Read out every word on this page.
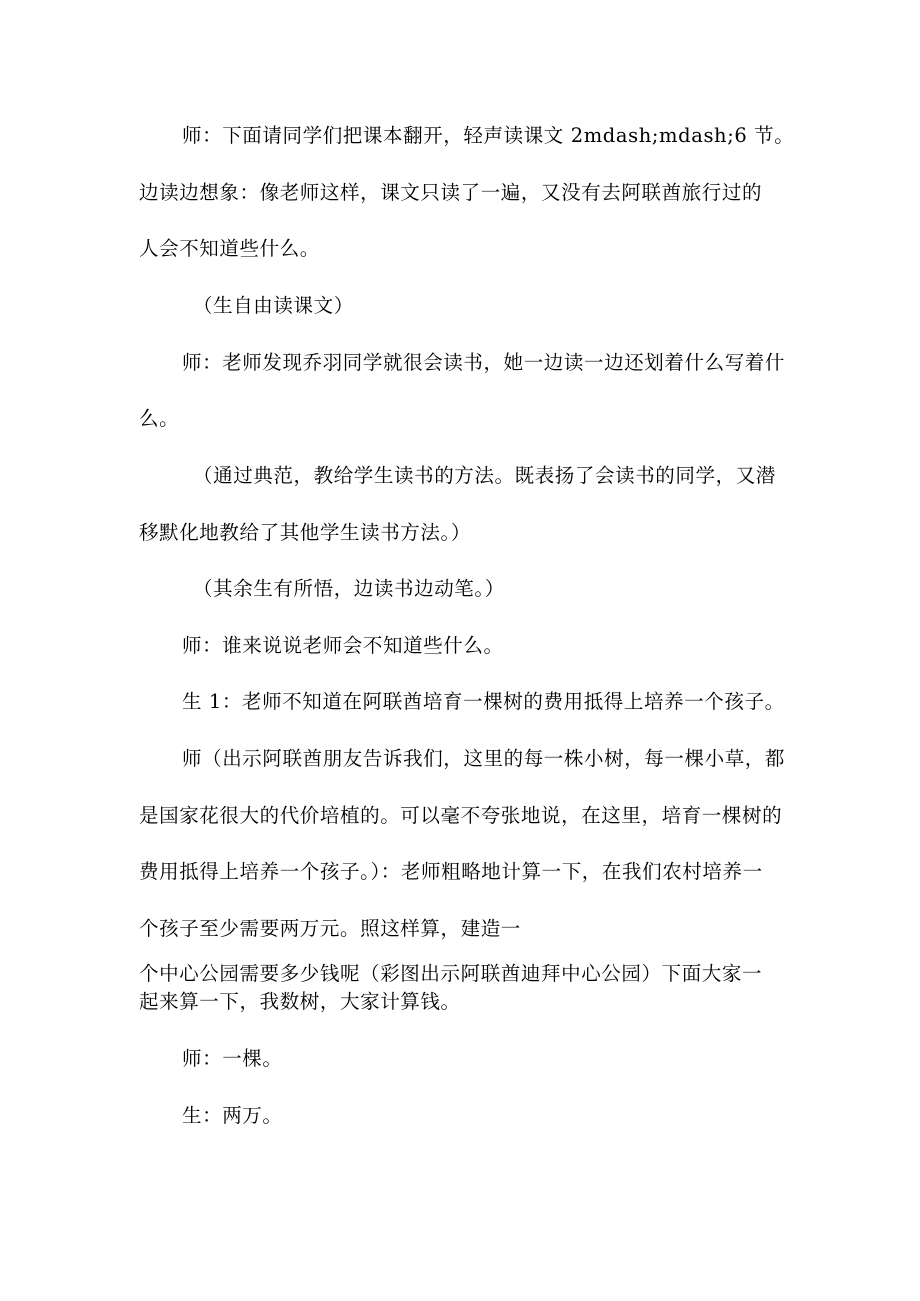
师：下面请同学们把课本翻开，轻声读课文 2mdash;mdash;6 节。
边读边想象：像老师这样，课文只读了一遍，又没有去阿联酋旅行过的
人会不知道些什么。
（生自由读课文）
师：老师发现乔羽同学就很会读书，她一边读一边还划着什么写着什
么。
（通过典范，教给学生读书的方法。既表扬了会读书的同学，又潜
移默化地教给了其他学生读书方法。）
（其余生有所悟，边读书边动笔。）
师：谁来说说老师会不知道些什么。
生 1：老师不知道在阿联酋培育一棵树的费用抵得上培养一个孩子。
师（出示阿联酋朋友告诉我们，这里的每一株小树，每一棵小草，都
是国家花很大的代价培植的。可以毫不夸张地说，在这里，培育一棵树的
费用抵得上培养一个孩子。）：老师粗略地计算一下，在我们农村培养一
个孩子至少需要两万元。照这样算，建造一
个中心公园需要多少钱呢（彩图出示阿联酋迪拜中心公园）下面大家一
起来算一下，我数树，大家计算钱。
师：一棵。
生：两万。
